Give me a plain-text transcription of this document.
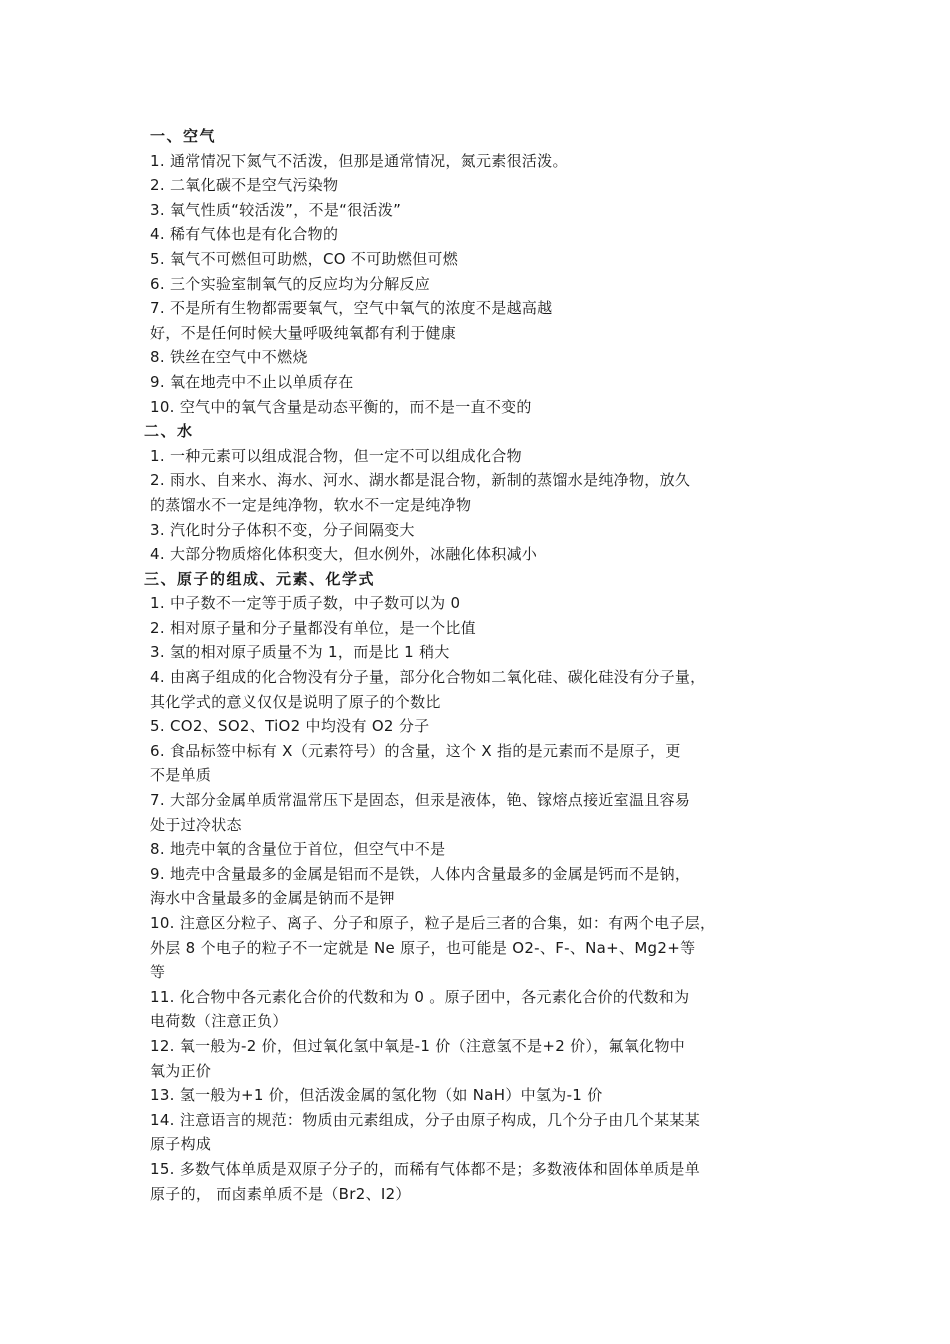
一、空气
1. 通常情况下氮气不活泼，但那是通常情况，氮元素很活泼。
2. 二氧化碳不是空气污染物
3. 氧气性质“较活泼”，不是“很活泼”
4. 稀有气体也是有化合物的
5. 氧气不可燃但可助燃，CO 不可助燃但可燃
6. 三个实验室制氧气的反应均为分解反应
7. 不是所有生物都需要氧气，空气中氧气的浓度不是越高越
好，不是任何时候大量呼吸纯氧都有利于健康
8. 铁丝在空气中不燃烧
9. 氧在地壳中不止以单质存在
10. 空气中的氧气含量是动态平衡的，而不是一直不变的
二、水
1. 一种元素可以组成混合物，但一定不可以组成化合物
2. 雨水、自来水、海水、河水、湖水都是混合物，新制的蒸馏水是纯净物，放久
的蒸馏水不一定是纯净物，软水不一定是纯净物
3. 汽化时分子体积不变，分子间隔变大
4. 大部分物质熔化体积变大，但水例外，冰融化体积减小
三、原子的组成、元素、化学式
1. 中子数不一定等于质子数，中子数可以为 0
2. 相对原子量和分子量都没有单位，是一个比值
3. 氢的相对原子质量不为 1，而是比 1 稍大
4. 由离子组成的化合物没有分子量，部分化合物如二氧化硅、碳化硅没有分子量，
其化学式的意义仅仅是说明了原子的个数比
5. CO2、SO2、TiO2 中均没有 O2 分子
6. 食品标签中标有 X（元素符号）的含量，这个 X 指的是元素而不是原子，更
不是单质
7. 大部分金属单质常温常压下是固态，但汞是液体，铯、镓熔点接近室温且容易
处于过冷状态
8. 地壳中氧的含量位于首位，但空气中不是
9. 地壳中含量最多的金属是铝而不是铁，人体内含量最多的金属是钙而不是钠，
海水中含量最多的金属是钠而不是钾
10. 注意区分粒子、离子、分子和原子，粒子是后三者的合集，如：有两个电子层，
外层 8 个电子的粒子不一定就是 Ne 原子，也可能是 O2-、F-、Na+、Mg2+等
等
11. 化合物中各元素化合价的代数和为 0 。原子团中，各元素化合价的代数和为
电荷数（注意正负）
12. 氧一般为-2 价，但过氧化氢中氧是-1 价（注意氢不是+2 价），氟氧化物中
氧为正价
13. 氢一般为+1 价，但活泼金属的氢化物（如 NaH）中氢为-1 价
14. 注意语言的规范：物质由元素组成，分子由原子构成，几个分子由几个某某某
原子构成
15. 多数气体单质是双原子分子的，而稀有气体都不是；多数液体和固体单质是单
原子的， 而卤素单质不是（Br2、I2）
